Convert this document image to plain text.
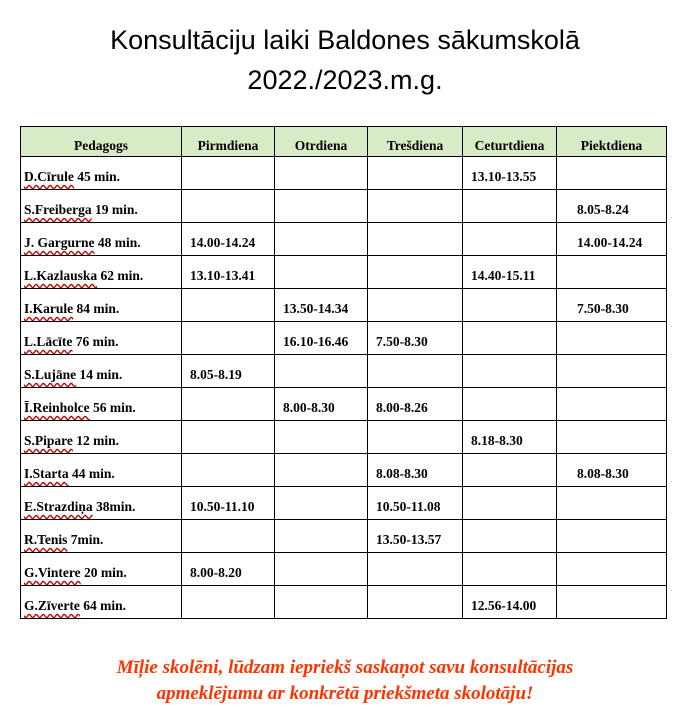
Konsultāciju laiki Baldones sākumskolā
2022./2023.m.g.
Pedagogs	Pirmdiena	Otrdiena	Trešdiena	Ceturtdiena	Piektdiena
D.Cīrule 45 min.				13.10-13.55	
S.Freiberga 19 min.					8.05-8.24
J. Gargurne 48 min.	14.00-14.24				14.00-14.24
L.Kazlauska 62 min.	13.10-13.41			14.40-15.11	
I.Karule 84 min.		13.50-14.34			7.50-8.30
L.Lācīte 76 min.		16.10-16.46	7.50-8.30		
S.Lujāne 14 min.	8.05-8.19				
Ī.Reinholce 56 min.		8.00-8.30	8.00-8.26		
S.Pipare 12 min.				8.18-8.30	
I.Starta 44 min.			8.08-8.30		8.08-8.30
E.Strazdiņa 38min.	10.50-11.10		10.50-11.08		
R.Tenis 7min.			13.50-13.57		
G.Vintere 20 min.	8.00-8.20				
G.Zīverte 64 min.				12.56-14.00	
Mīļie skolēni, lūdzam iepriekš saskaņot savu konsultācijas
apmeklējumu ar konkrētā priekšmeta skolotāju!
